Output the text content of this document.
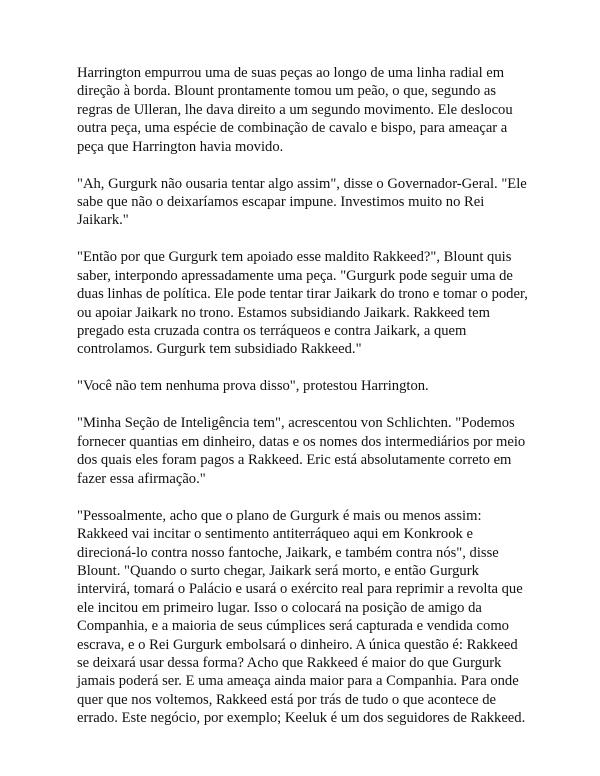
Harrington empurrou uma de suas peças ao longo de uma linha radial em direção à borda. Blount prontamente tomou um peão, o que, segundo as regras de Ulleran, lhe dava direito a um segundo movimento. Ele deslocou outra peça, uma espécie de combinação de cavalo e bispo, para ameaçar a peça que Harrington havia movido.

"Ah, Gurgurk não ousaria tentar algo assim", disse o Governador-Geral. "Ele sabe que não o deixaríamos escapar impune. Investimos muito no Rei Jaikark."

"Então por que Gurgurk tem apoiado esse maldito Rakkeed?", Blount quis saber, interpondo apressadamente uma peça. "Gurgurk pode seguir uma de duas linhas de política. Ele pode tentar tirar Jaikark do trono e tomar o poder, ou apoiar Jaikark no trono. Estamos subsidiando Jaikark. Rakkeed tem pregado esta cruzada contra os terráqueos e contra Jaikark, a quem controlamos. Gurgurk tem subsidiado Rakkeed."

"Você não tem nenhuma prova disso", protestou Harrington.

"Minha Seção de Inteligência tem", acrescentou von Schlichten. "Podemos fornecer quantias em dinheiro, datas e os nomes dos intermediários por meio dos quais eles foram pagos a Rakkeed. Eric está absolutamente correto em fazer essa afirmação."

"Pessoalmente, acho que o plano de Gurgurk é mais ou menos assim: Rakkeed vai incitar o sentimento antiterráqueo aqui em Konkrook e direcioná-lo contra nosso fantoche, Jaikark, e também contra nós", disse Blount. "Quando o surto chegar, Jaikark será morto, e então Gurgurk intervirá, tomará o Palácio e usará o exército real para reprimir a revolta que ele incitou em primeiro lugar. Isso o colocará na posição de amigo da Companhia, e a maioria de seus cúmplices será capturada e vendida como escrava, e o Rei Gurgurk embolsará o dinheiro. A única questão é: Rakkeed se deixará usar dessa forma? Acho que Rakkeed é maior do que Gurgurk jamais poderá ser. E uma ameaça ainda maior para a Companhia. Para onde quer que nos voltemos, Rakkeed está por trás de tudo o que acontece de errado. Este negócio, por exemplo; Keeluk é um dos seguidores de Rakkeed.
